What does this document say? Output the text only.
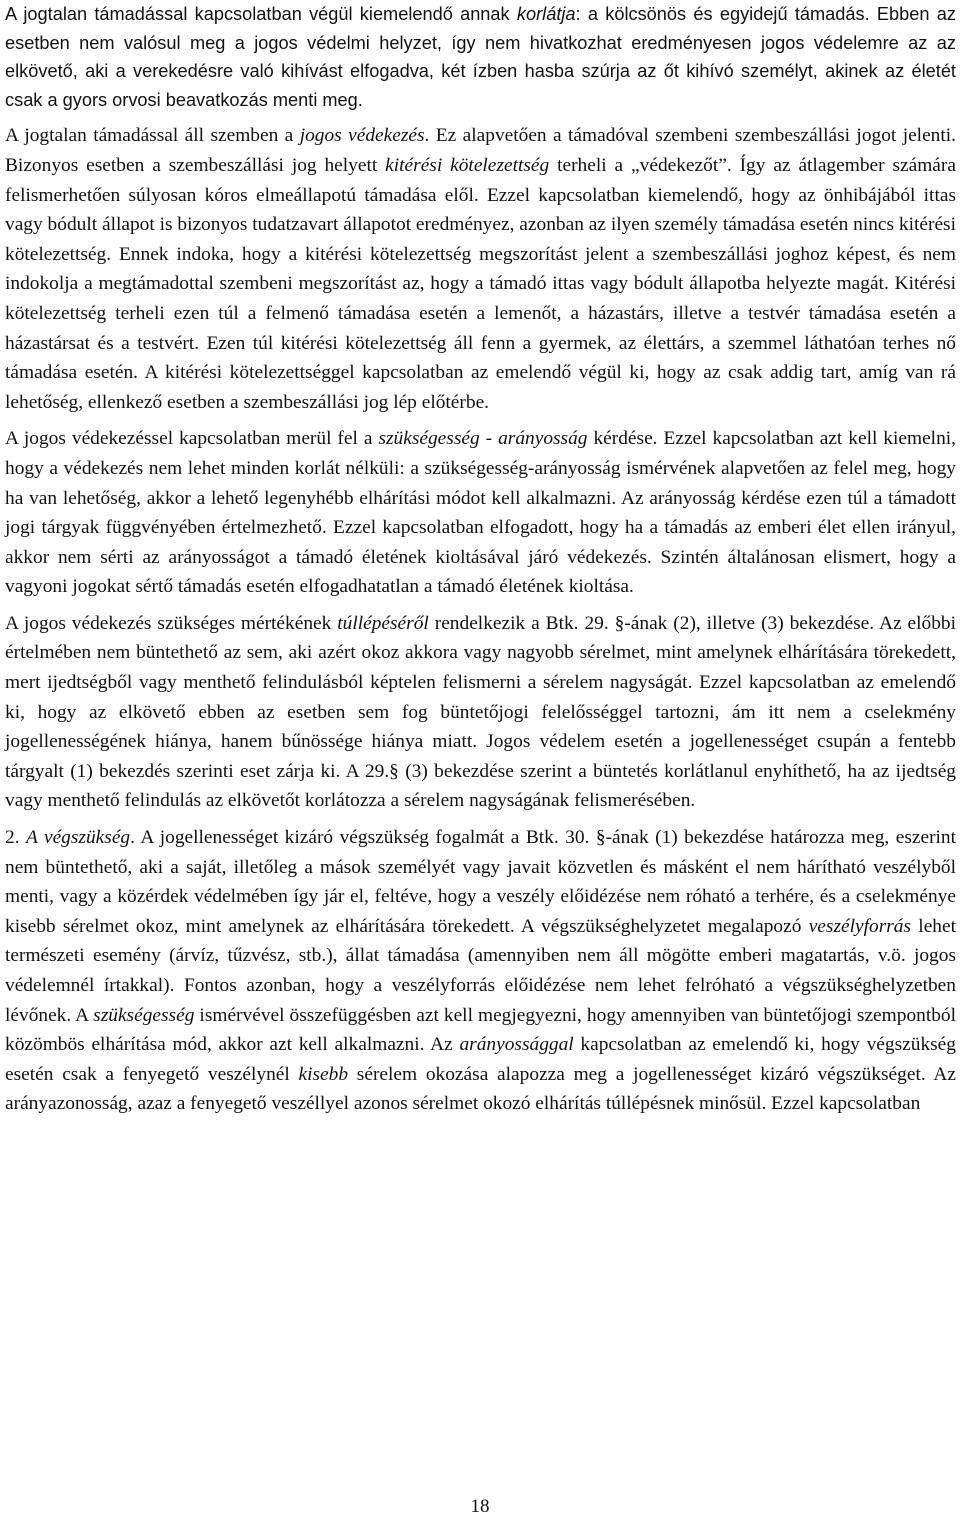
A jogtalan támadással kapcsolatban végül kiemelendő annak korlátja: a kölcsönös és egyidejű támadás. Ebben az esetben nem valósul meg a jogos védelmi helyzet, így nem hivatkozhat eredményesen jogos védelemre az az elkövető, aki a verekedésre való kihívást elfogadva, két ízben hasba szúrja az őt kihívó személyt, akinek az életét csak a gyors orvosi beavatkozás menti meg.

A jogtalan támadással áll szemben a jogos védekezés. Ez alapvetően a támadóval szembeni szembeszállási jogot jelenti. Bizonyos esetben a szembeszállási jog helyett kitérési kötelezettség terheli a „védekezőt”. Így az átlagember számára felismerhetően súlyosan kóros elmeállapotú támadása elől. Ezzel kapcsolatban kiemelendő, hogy az önhibájából ittas vagy bódult állapot is bizonyos tudatzavart állapotot eredményez, azonban az ilyen személy támadása esetén nincs kitérési kötelezettség. Ennek indoka, hogy a kitérési kötelezettség megszorítást jelent a szembeszállási joghoz képest, és nem indokolja a megtámadottal szembeni megszorítást az, hogy a támadó ittas vagy bódult állapotba helyezte magát. Kitérési kötelezettség terheli ezen túl a felmenő támadása esetén a lemenőt, a házastárs, illetve a testvér támadása esetén a házastársat és a testvért. Ezen túl kitérési kötelezettség áll fenn a gyermek, az élettárs, a szemmel láthatóan terhes nő támadása esetén. A kitérési kötelezettséggel kapcsolatban az emelendő végül ki, hogy az csak addig tart, amíg van rá lehetőség, ellenkező esetben a szembeszállási jog lép előtérbe.

A jogos védekezéssel kapcsolatban merül fel a szükségesség - arányosság kérdése. Ezzel kapcsolatban azt kell kiemelni, hogy a védekezés nem lehet minden korlát nélküli: a szükségesség-arányosság ismérvének alapvetően az felel meg, hogy ha van lehetőség, akkor a lehető legenyhébb elhárítási módot kell alkalmazni. Az arányosság kérdése ezen túl a támadott jogi tárgyak függvényében értelmezhető. Ezzel kapcsolatban elfogadott, hogy ha a támadás az emberi élet ellen irányul, akkor nem sérti az arányosságot a támadó életének kioltásával járó védekezés. Szintén általánosan elismert, hogy a vagyoni jogokat sértő támadás esetén elfogadhatatlan a támadó életének kioltása.

A jogos védekezés szükséges mértékének túllépéséről rendelkezik a Btk. 29. §-ának (2), illetve (3) bekezdése. Az előbbi értelmében nem büntethető az sem, aki azért okoz akkora vagy nagyobb sérelmet, mint amelynek elhárítására törekedett, mert ijedtségből vagy menthető felindulásból képtelen felismerni a sérelem nagyságát. Ezzel kapcsolatban az emelendő ki, hogy az elkövető ebben az esetben sem fog büntetőjogi felelősséggel tartozni, ám itt nem a cselekmény jogellenességének hiánya, hanem bűnössége hiánya miatt. Jogos védelem esetén a jogellenességet csupán a fentebb tárgyalt (1) bekezdés szerinti eset zárja ki. A 29.§ (3) bekezdése szerint a büntetés korlátlanul enyhíthető, ha az ijedtség vagy menthető felindulás az elkövetőt korlátozza a sérelem nagyságának felismerésében.

2. A végszükség. A jogellenességet kizáró végszükség fogalmát a Btk. 30. §-ának (1) bekezdése határozza meg, eszerint nem büntethető, aki a saját, illetőleg a mások személyét vagy javait közvetlen és másként el nem hárítható veszélyből menti, vagy a közérdek védelmében így jár el, feltéve, hogy a veszély előidézése nem róható a terhére, és a cselekménye kisebb sérelmet okoz, mint amelynek az elhárítására törekedett. A végszükséghelyzetet megalapozó veszélyforrás lehet természeti esemény (árvíz, tűzvész, stb.), állat támadása (amennyiben nem áll mögötte emberi magatartás, v.ö. jogos védelemnél írtakkal). Fontos azonban, hogy a veszélyforrás előidézése nem lehet felróható a végszükséghelyzetben lévőnek. A szükségesség ismérvével összefüggésben azt kell megjegyezni, hogy amennyiben van büntetőjogi szempontból közömbös elhárítása mód, akkor azt kell alkalmazni. Az arányossággal kapcsolatban az emelendő ki, hogy végszükség esetén csak a fenyegető veszélynél kisebb sérelem okozása alapozza meg a jogellenességet kizáró végszükséget. Az arányazonosság, azaz a fenyegető veszéllyel azonos sérelmet okozó elhárítás túllépésnek minősül. Ezzel kapcsolatban

18
